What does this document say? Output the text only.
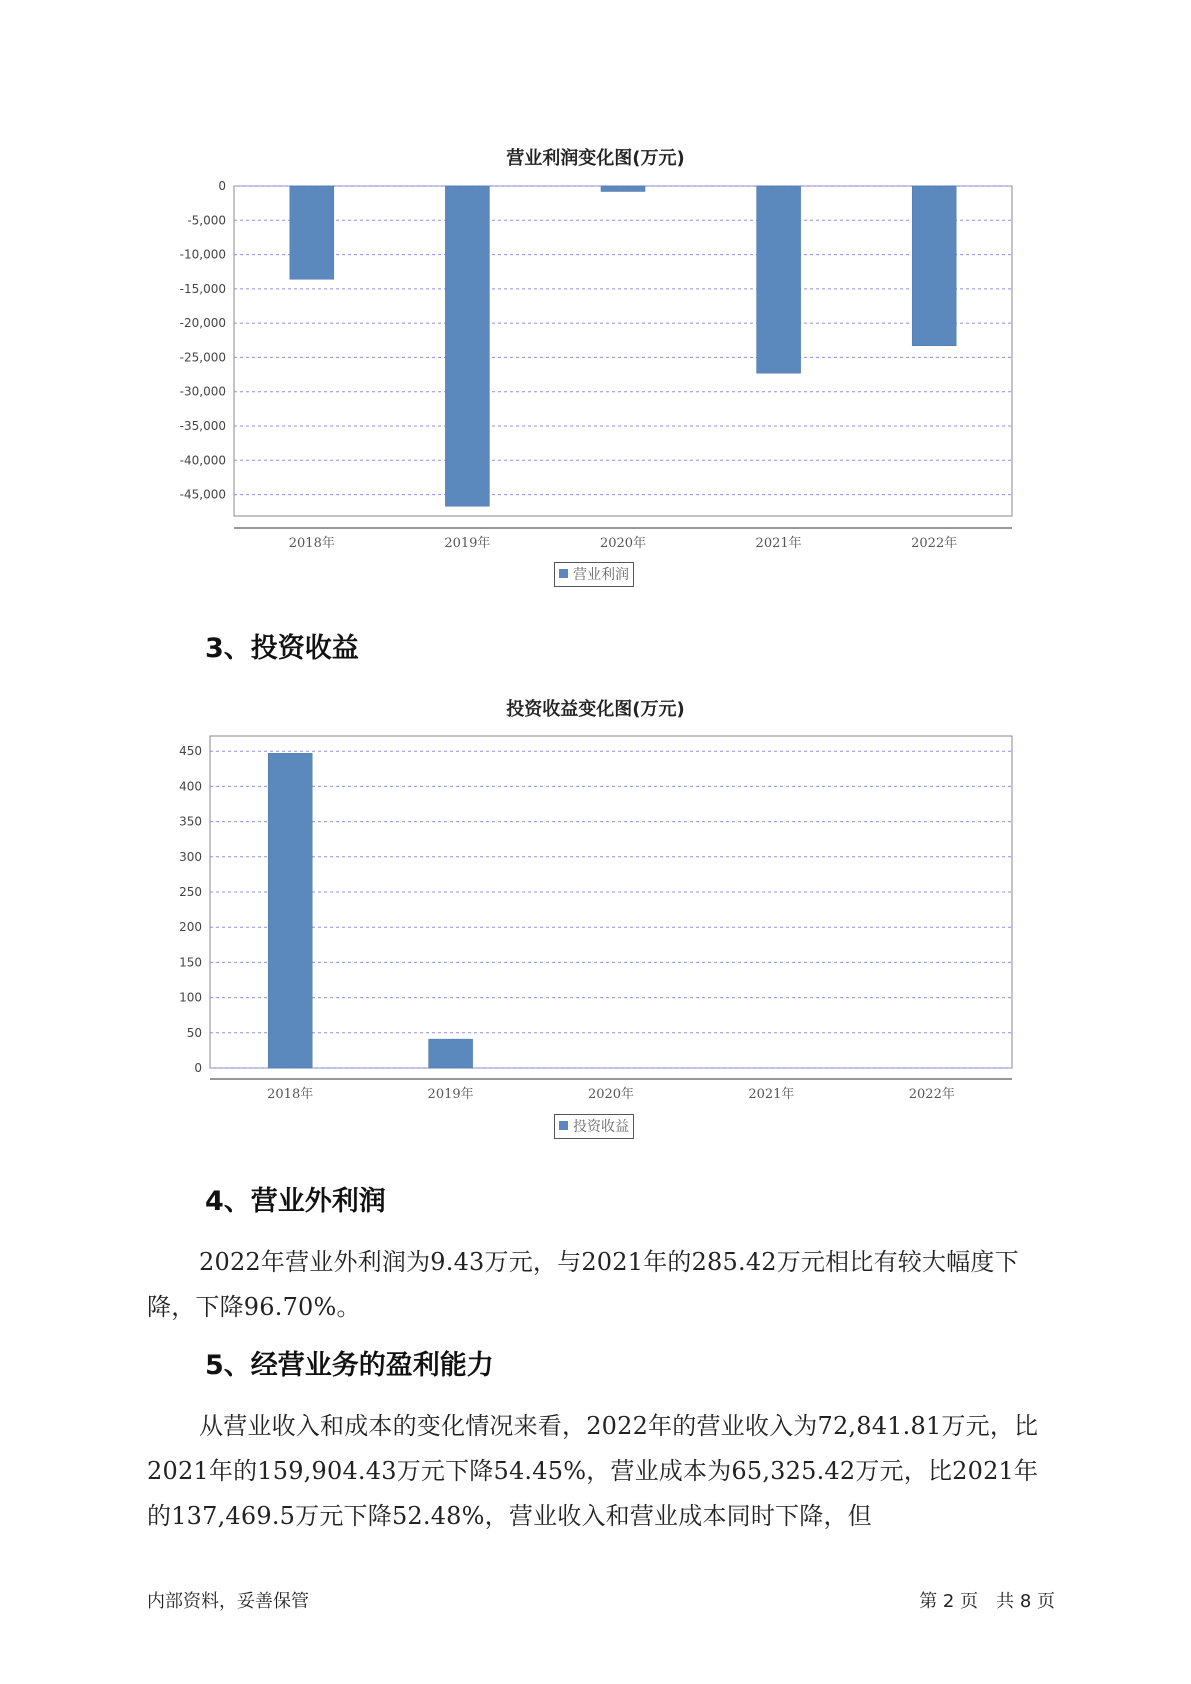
营业利润变化图(万元)
0
-5,000
-10,000
-15,000
-20,000
-25,000
-30,000
-35,000
-40,000
-45,000
2018年	2019年	2020年	2021年	2022年
营业利润
3、投资收益
投资收益变化图(万元)
450
400
350
300
250
200
150
100
50
0
2018年	2019年	2020年	2021年	2022年
投资收益
4、营业外利润
2022年营业外利润为9.43万元，与2021年的285.42万元相比有较大幅度下降，下降96.70%。
5、经营业务的盈利能力
从营业收入和成本的变化情况来看，2022年的营业收入为72,841.81万元，比2021年的159,904.43万元下降54.45%，营业成本为65,325.42万元，比2021年的137,469.5万元下降52.48%，营业收入和营业成本同时下降，但
内部资料，妥善保管	第 2 页　共 8 页
